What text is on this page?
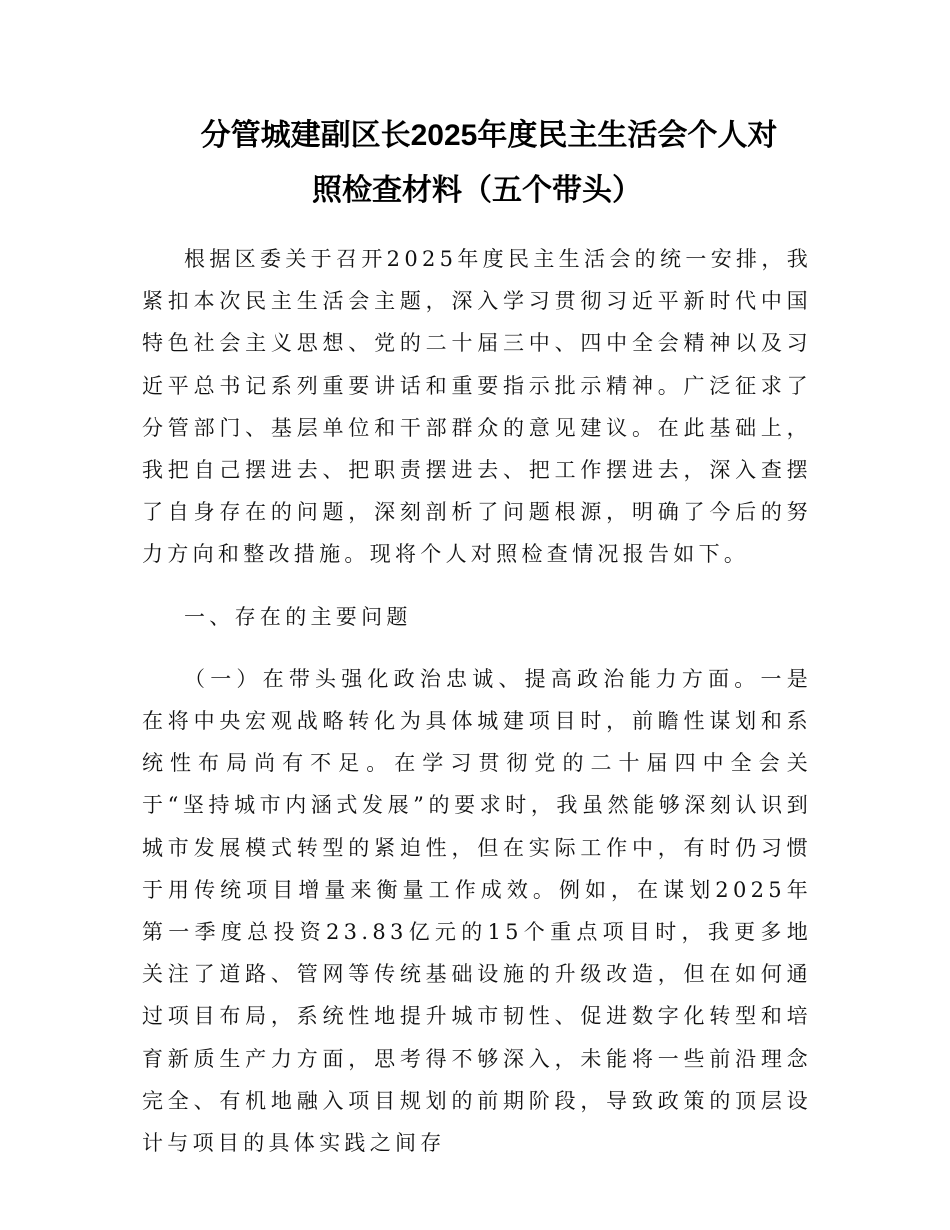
分管城建副区长2025年度民主生活会个人对
照检查材料（五个带头）

根据区委关于召开2025年度民主生活会的统一安排，我紧扣本次民主生活会主题，深入学习贯彻习近平新时代中国特色社会主义思想、党的二十届三中、四中全会精神以及习近平总书记系列重要讲话和重要指示批示精神。广泛征求了分管部门、基层单位和干部群众的意见建议。在此基础上，我把自己摆进去、把职责摆进去、把工作摆进去，深入查摆了自身存在的问题，深刻剖析了问题根源，明确了今后的努力方向和整改措施。现将个人对照检查情况报告如下。

一、存在的主要问题

（一）在带头强化政治忠诚、提高政治能力方面。一是在将中央宏观战略转化为具体城建项目时，前瞻性谋划和系统性布局尚有不足。在学习贯彻党的二十届四中全会关于“坚持城市内涵式发展”的要求时，我虽然能够深刻认识到城市发展模式转型的紧迫性，但在实际工作中，有时仍习惯于用传统项目增量来衡量工作成效。例如，在谋划2025年第一季度总投资23.83亿元的15个重点项目时，我更多地关注了道路、管网等传统基础设施的升级改造，但在如何通过项目布局，系统性地提升城市韧性、促进数字化转型和培育新质生产力方面，思考得不够深入，未能将一些前沿理念完全、有机地融入项目规划的前期阶段，导致政策的顶层设计与项目的具体实践之间存
